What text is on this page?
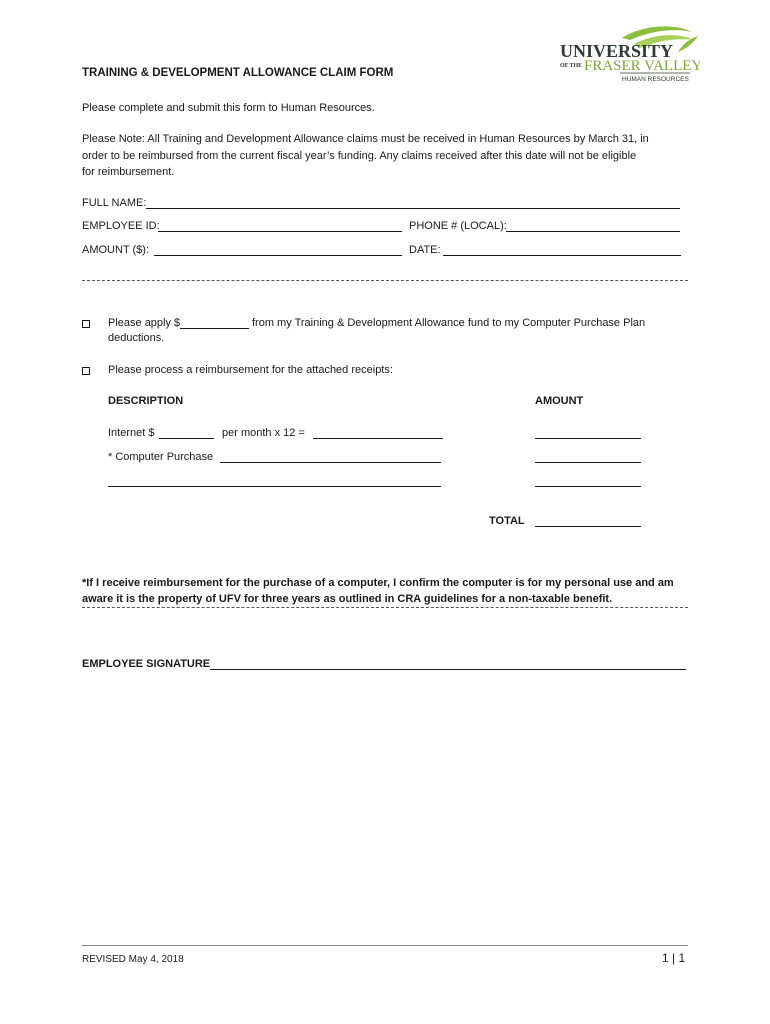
UNIVERSITY
OF THE FRASER VALLEY
HUMAN RESOURCES
TRAINING & DEVELOPMENT ALLOWANCE CLAIM FORM
Please complete and submit this form to Human Resources.
Please Note: All Training and Development Allowance claims must be received in Human Resources by March 31, in
order to be reimbursed from the current fiscal year’s funding. Any claims received after this date will not be eligible
for reimbursement.
FULL NAME:
EMPLOYEE ID:	PHONE # (LOCAL):
AMOUNT ($):	DATE:
Please apply $	from my Training & Development Allowance fund to my Computer Purchase Plan
deductions.
Please process a reimbursement for the attached receipts:
DESCRIPTION	AMOUNT
Internet $	per month x 12 =
* Computer Purchase
TOTAL
*If I receive reimbursement for the purchase of a computer, I confirm the computer is for my personal use and am
aware it is the property of UFV for three years as outlined in CRA guidelines for a non-taxable benefit.
EMPLOYEE SIGNATURE
REVISED May 4, 2018	1 | 1
